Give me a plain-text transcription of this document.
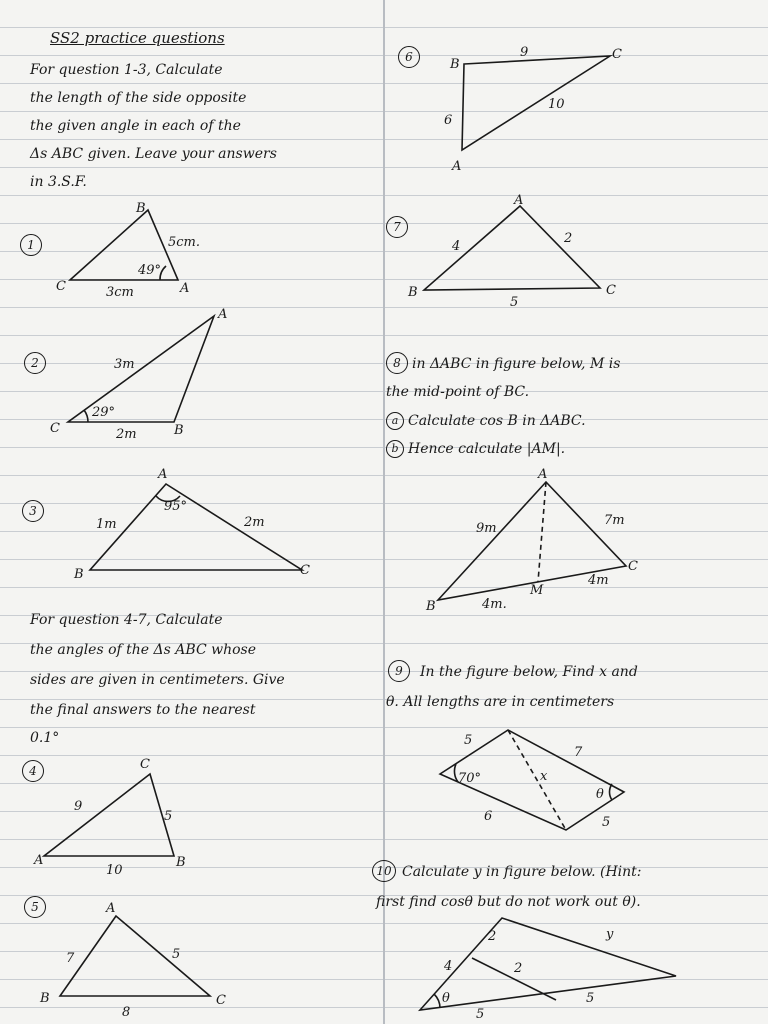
SS2 practice questions
For question 1-3, Calculate
the length of the side opposite
the given angle in each of the
Δs ABC given. Leave your answers
in 3.S.F.
1
B
C	A
5cm.
3cm
49°
2
A
C	B
3m
2m
29°
3
A
B	C
1m	2m
95°
For question 4-7, Calculate
the angles of the Δs ABC whose
sides are given in centimeters. Give
the final answers to the nearest
0.1°
4	C
A	B
9
5
10
5	A
B	C
7	5
8
6	B
C
A
9
10
6
7
A
B	C
4
2
5
8 in ΔABC in figure below, M is
the mid-point of BC.
a Calculate cos B in ΔABC.
b Hence calculate |AM|.
A
B
C
M
9m
7m
4m
4m.
9	In the figure below, Find x and
θ. All lengths are in centimeters
5
7
6	5
x
70°
θ
10 Calculate y in figure below. (Hint:
first find cosθ but do not work out θ).
2	y
4	2
5
5
θ
